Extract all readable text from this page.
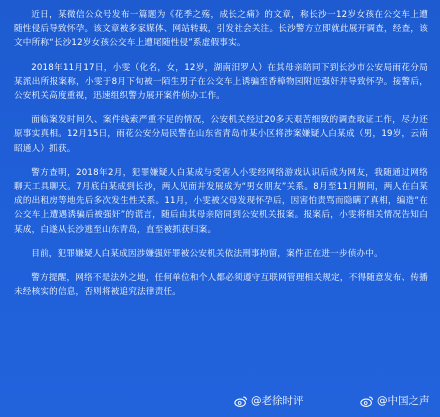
近日，某微信公众号发布一篇题为《花季之殇，成长之痛》的文章，称长沙一12岁女孩在公交车上遭随性侵后导致怀孕。该文章被多家媒体、网站转载，引发社会关注。长沙警方立即就此展开调查，经查，该文中所称“长沙12岁女孩公交车上遭尾随性侵”系虚假事实。

2018年11月17日，小雯（化名，女，12岁，湖南汨罗人）在其母亲陪同下到长沙市公安局雨花分局某派出所报案称，小雯于8月下旬被一陌生男子在公交车上诱骗至香樟物园附近强奸并导致怀孕。接警后，公安机关高度重视，迅速组织警力展开案件侦办工作。

面临案发时间久、案件线索严重不足的情况，公安机关经过20多天艰苦细致的调查取证工作，尽力还原事实真相。12月15日，雨花公安分局民警在山东省青岛市某小区将涉案嫌疑人白某成（男，19岁，云南昭通人）抓获。

警方查明，2018年2月，犯罪嫌疑人白某成与受害人小雯经网络游戏认识后成为网友，我随通过网络聊天工具聊天。7月底白某成到长沙，两人见面并发展成为“男女朋友”关系。8月至11月期间，两人在白某成的出租房等地先后多次发生性关系。11月，小雯被父母发现怀孕后，因害怕责骂而隐瞒了真相，编造“在公交车上遭遇诱骗后被强奸”的谎言，随后由其母亲陪同到公安机关报案。报案后，小雯将相关情况告知白某成，白遂从长沙逃至山东青岛，直至被抓获归案。

目前，犯罪嫌疑人白某成因涉嫌强奸罪被公安机关依法刑事拘留，案件正在进一步侦办中。

警方提醒，网络不是法外之地，任何单位和个人都必须遵守互联网管理相关规定，不得随意发布、传播未经核实的信息，否则将被追究法律责任。

@老徐时评	@中国之声
